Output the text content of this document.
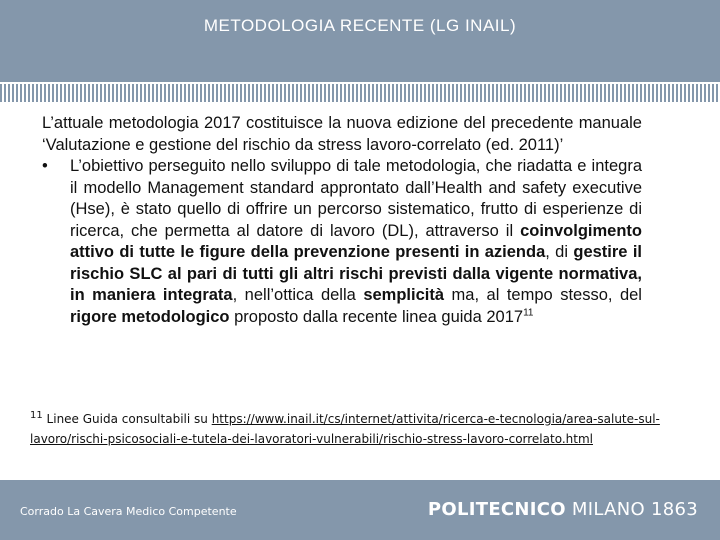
METODOLOGIA RECENTE (LG INAIL)

L’attuale metodologia 2017 costituisce la nuova edizione del precedente manuale ‘Valutazione e gestione del rischio da stress lavoro-correlato (ed. 2011)’

•	L’obiettivo perseguito nello sviluppo di tale metodologia, che riadatta e integra il modello Management standard approntato dall’Health and safety executive (Hse), è stato quello di offrire un percorso sistematico, frutto di esperienze di ricerca, che permetta al datore di lavoro (DL), attraverso il coinvolgimento attivo di tutte le figure della prevenzione presenti in azienda, di gestire il rischio SLC al pari di tutti gli altri rischi previsti dalla vigente normativa, in maniera integrata, nell’ottica della semplicità ma, al tempo stesso, del rigore metodologico proposto dalla recente linea guida 2017$^{11}$
$^{11}$ Linee Guida consultabili su https://www.inail.it/cs/internet/attivita/ricerca-e-tecnologia/area-salute-sul-lavoro/rischi-psicosociali-e-tutela-dei-lavoratori-vulnerabili/rischio-stress-lavoro-correlato.html
Corrado La Cavera Medico Competente	POLITECNICO MILANO 1863
